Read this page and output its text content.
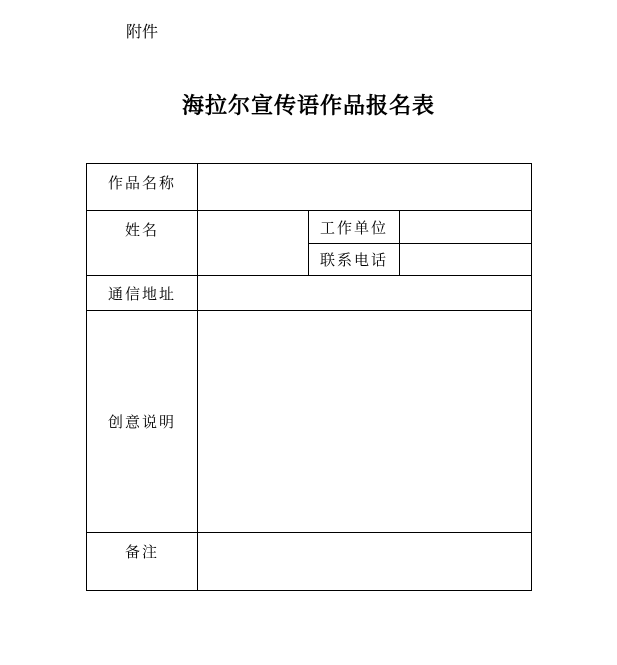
附件
海拉尔宣传语作品报名表
作品名称			
姓名		工作单位	
		联系电话	
通信地址			
创意说明			
备注			
